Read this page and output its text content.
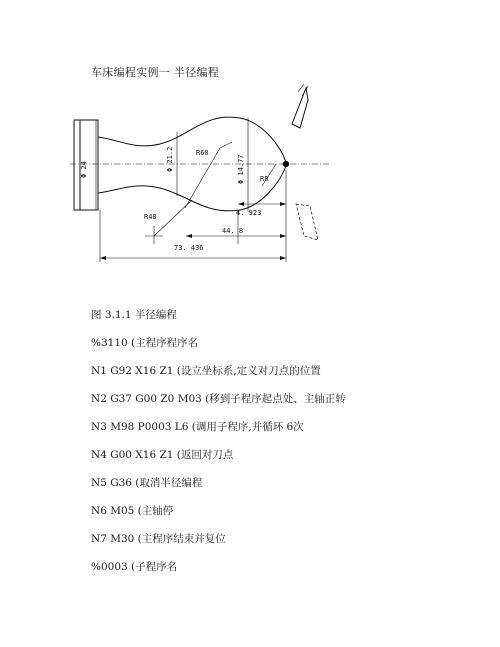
车床编程实例一 半径编程
Φ 24	Φ 21.2	R60
Φ 14.77 R8
R40	4. 923
44. 8
73. 436
图 3.1.1 半径编程
%3110 (主程序程序名
N1 G92 X16 Z1 (设立坐标系,定义对刀点的位置
N2 G37 G00 Z0 M03 (移到子程序起点处、主轴正转
N3 M98 P0003 L6 (调用子程序,并循环 6次
N4 G00 X16 Z1 (返回对刀点
N5 G36 (取消半径编程
N6 M05 (主轴停
N7 M30 (主程序结束并复位
%0003 (子程序名
